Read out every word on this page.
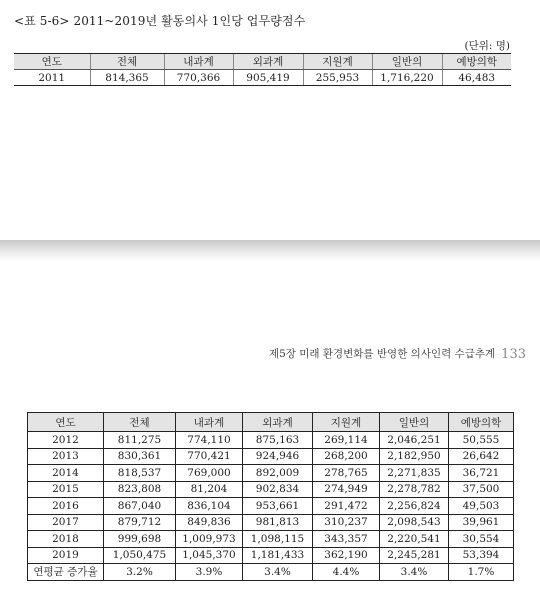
<표 5-6> 2011~2019년 활동의사 1인당 업무량점수
(단위: 명)
연도	전체	내과계	외과계	지원계	일반의	예방의학
2011	814,365	770,366	905,419	255,953	1,716,220	46,483
제5장 미래 환경변화를 반영한 의사인력 수급추계 133
연도	전체	내과계	외과계	지원계	일반의	예방의학
2012	811,275	774,110	875,163	269,114	2,046,251	50,555
2013	830,361	770,421	924,946	268,200	2,182,950	26,642
2014	818,537	769,000	892,009	278,765	2,271,835	36,721
2015	823,808	81,204	902,834	274,949	2,278,782	37,500
2016	867,040	836,104	953,661	291,472	2,256,824	49,503
2017	879,712	849,836	981,813	310,237	2,098,543	39,961
2018	999,698	1,009,973	1,098,115	343,357	2,220,541	30,554
2019	1,050,475	1,045,370	1,181,433	362,190	2,245,281	53,394
연평균 증가율	3.2%	3.9%	3.4%	4.4%	3.4%	1.7%
